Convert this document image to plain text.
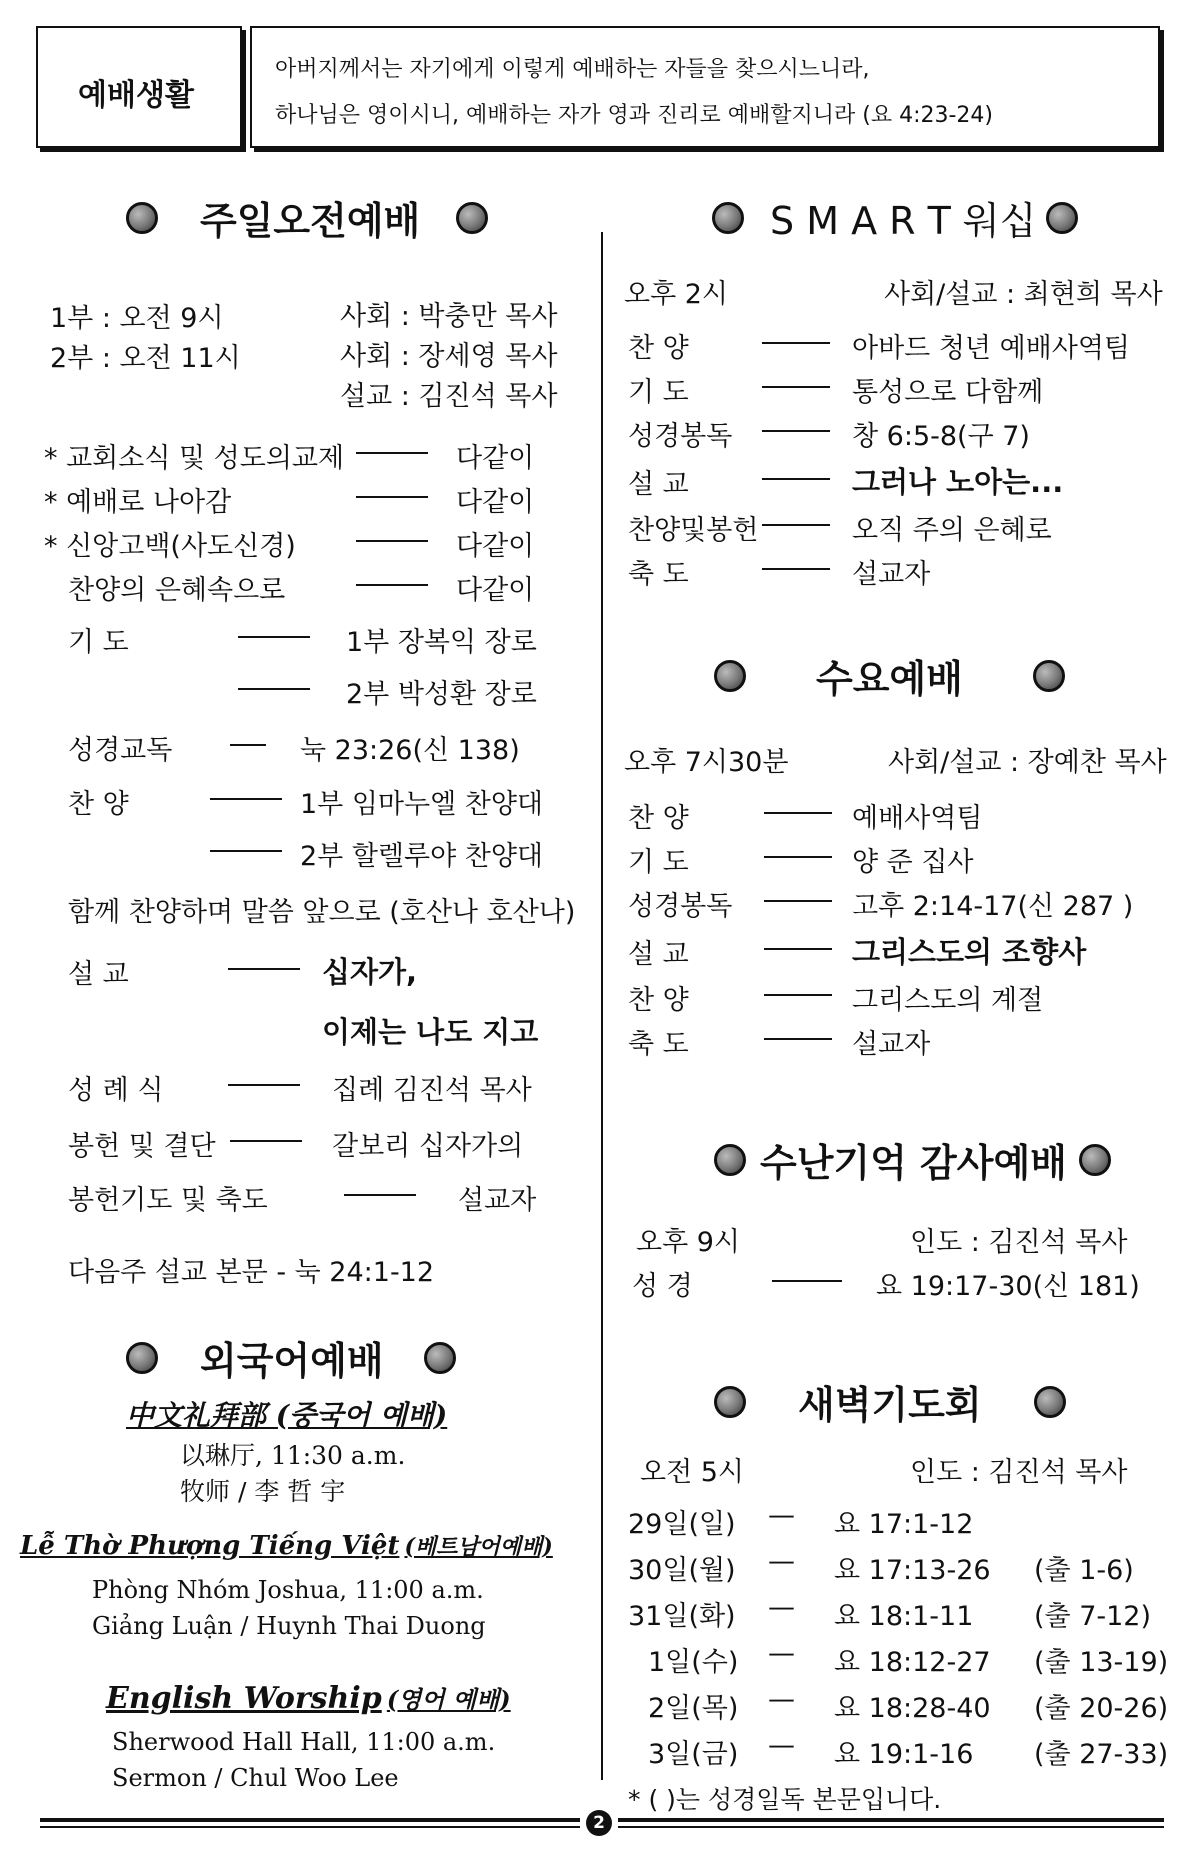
예배생활
아버지께서는 자기에게 이렇게 예배하는 자들을 찾으시느니라,
하나님은 영이시니, 예배하는 자가 영과 진리로 예배할지니라 (요 4:23-24)
주일오전예배
1부 : 오전 9시	사회 : 박충만 목사
2부 : 오전 11시	사회 : 장세영 목사
설교 : 김진석 목사
* 교회소식 및 성도의교제	다같이
* 예배로 나아감	다같이
* 신앙고백(사도신경)	다같이
찬양의 은혜속으로	다같이
기 도	1부 장복익 장로
2부 박성환 장로
성경교독	눅 23:26(신 138)
찬 양	1부 임마누엘 찬양대
2부 할렐루야 찬양대
함께 찬양하며 말씀 앞으로 (호산나 호산나)
설 교	십자가,
이제는 나도 지고
성 례 식	집례 김진석 목사
봉헌 및 결단	갈보리 십자가의
봉헌기도 및 축도	설교자
다음주 설교 본문 - 눅 24:1-12
외국어예배
中文礼拜部 (중국어 예배)
以琳厅, 11:30 a.m.
牧师 / 李 哲 宇
Lễ Thờ Phượng Tiếng Việt (베트남어예배)
Phòng Nhóm Joshua, 11:00 a.m.
Giảng Luận / Huynh Thai Duong
English Worship (영어 예배)
Sherwood Hall Hall, 11:00 a.m.
Sermon / Chul Woo Lee
S M A R T 워십
오후 2시	사회/설교 : 최현희 목사
찬 양	아바드 청년 예배사역팀
기 도	통성으로 다함께
성경봉독	창 6:5-8(구 7)
설 교	그러나 노아는...
찬양및봉헌	오직 주의 은혜로
축 도	설교자
수요예배
오후 7시30분	사회/설교 : 장예찬 목사
찬 양	예배사역팀
기 도	양 준 집사
성경봉독	고후 2:14-17(신 287 )
설 교	그리스도의 조향사
찬 양	그리스도의 계절
축 도	설교자
수난기억 감사예배
오후 9시	인도 : 김진석 목사
성 경	요 19:17-30(신 181)
새벽기도회
오전 5시	인도 : 김진석 목사
29일(일) — 요 17:1-12
30일(월) — 요 17:13-26 (출 1-6)
31일(화) — 요 18:1-11 (출 7-12)
1일(수) — 요 18:12-27 (출 13-19)
2일(목) — 요 18:28-40 (출 20-26)
3일(금) — 요 19:1-16 (출 27-33)
* ( )는 성경일독 본문입니다.
2
